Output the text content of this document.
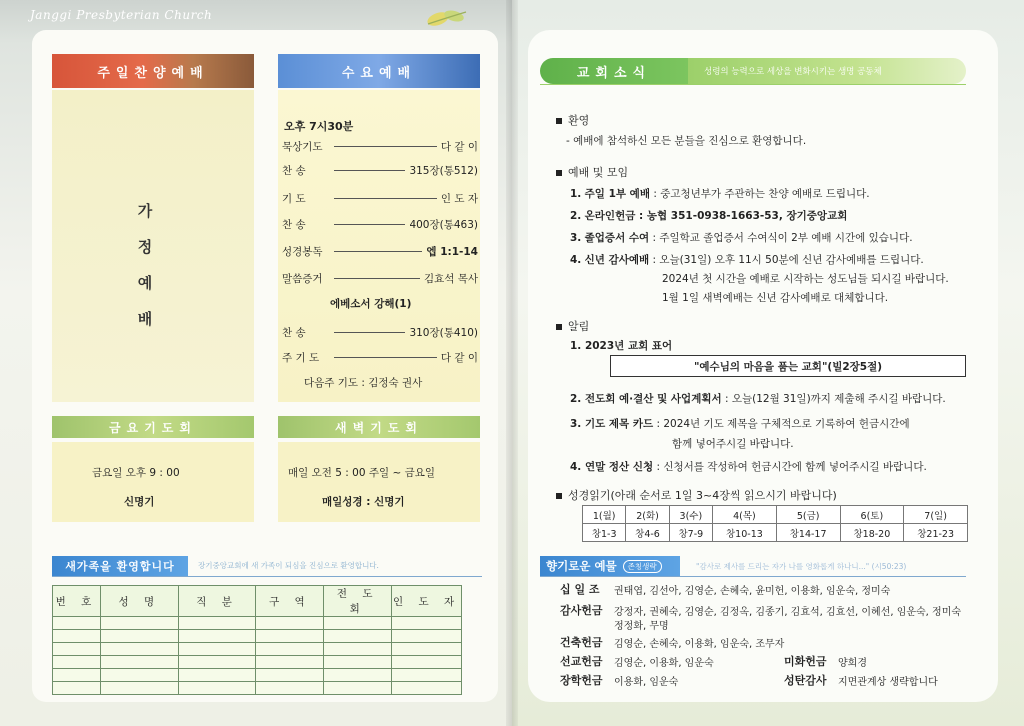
Janggi Presbyterian Church
주일찬양예배
가
정
예
배
수요예배
오후 7시30분
묵상기도	다 같 이
찬 송	315장(통512)
기 도	인 도 자
찬 송	400장(통463)
성경봉독	엡 1:1-14
말씀증거	김효석 목사
에베소서 강해(1)
찬 송	310장(통410)
주 기 도	다 같 이
다음주 기도 : 김정숙 권사
금요기도회	새벽기도회
금요일 오후 9 : 00
신명기
매일 오전 5 : 00 주일 ~ 금요일
매일성경 : 신명기
새가족을 환영합니다	장기중앙교회에 새 가족이 되심을 진심으로 환영합니다.
번 호	성 명	직 분	구 역	전 도 회	인 도 자

교회소식	성령의 능력으로 세상을 변화시키는 생명 공동체
환영
- 예배에 참석하신 모든 분들을 진심으로 환영합니다.
예배 및 모임
1. 주일 1부 예배 : 중고청년부가 주관하는 찬양 예배로 드립니다.
2. 온라인헌금 : 농협 351-0938-1663-53, 장기중앙교회
3. 졸업증서 수여 : 주일학교 졸업증서 수여식이 2부 예배 시간에 있습니다.
4. 신년 감사예배 : 오늘(31일) 오후 11시 50분에 신년 감사예배를 드립니다.
2024년 첫 시간을 예배로 시작하는 성도님들 되시길 바랍니다.
1월 1일 새벽예배는 신년 감사예배로 대체합니다.
알림
1. 2023년 교회 표어
"예수님의 마음을 품는 교회"(빌2장5절)
2. 전도회 예·결산 및 사업계획서 : 오늘(12월 31일)까지 제출해 주시길 바랍니다.
3. 기도 제목 카드 : 2024년 기도 제목을 구체적으로 기록하여 헌금시간에
함께 넣어주시길 바랍니다.
4. 연말 정산 신청 : 신청서를 작성하여 헌금시간에 함께 넣어주시길 바랍니다.
성경읽기(아래 순서로 1일 3~4장씩 읽으시기 바랍니다)
1(월)	2(화)	3(수)	4(목)	5(금)	6(토)	7(일)
창1-3	창4-6	창7-9	창10-13	창14-17	창18-20	창21-23
향기로운 예물	존칭생략	"감사로 제사를 드리는 자가 나를 영화롭게 하나니..." (시50:23)
십 일 조 권태엽, 김선아, 김영순, 손혜숙, 윤미헌, 이용화, 임운숙, 정미숙
감사헌금 강정자, 권혜숙, 김영순, 김정옥, 김종기, 김효석, 김효선, 이혜선, 임운숙, 정미숙
정정화, 무명
건축헌금 김영순, 손혜숙, 이용화, 임운숙, 조무자
선교헌금 김영순, 이용화, 임운숙
장학헌금 이용화, 임운숙
미화헌금 양희경
성탄감사 지면관계상 생략합니다
